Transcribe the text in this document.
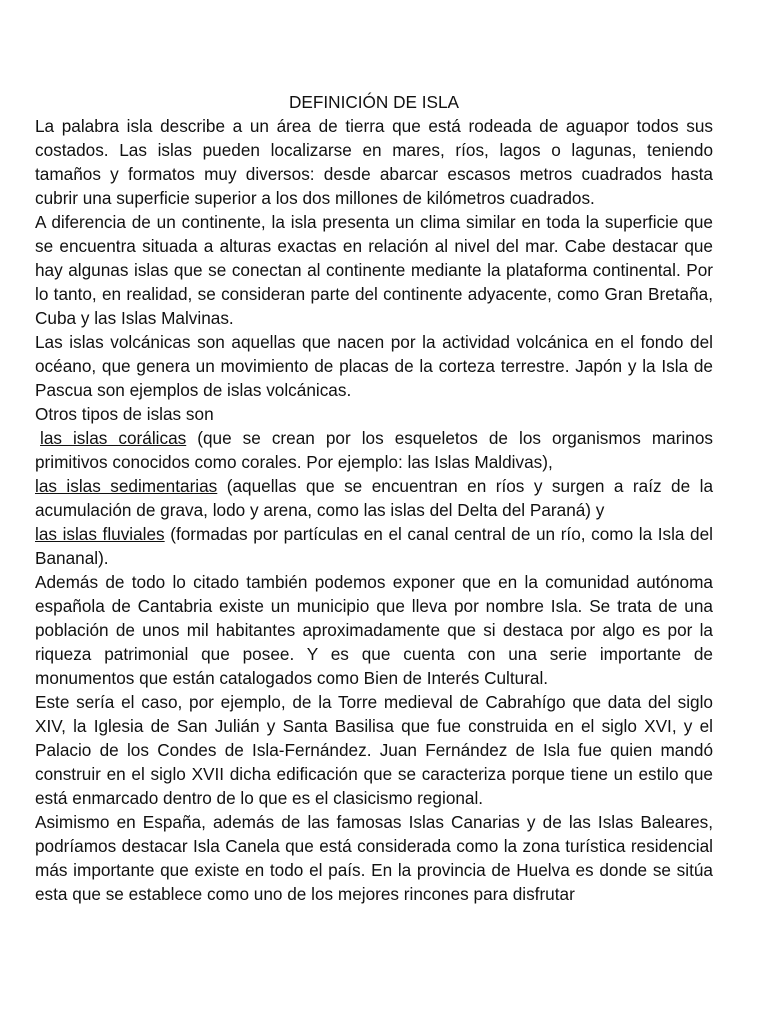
DEFINICIÓN DE ISLA

La palabra isla describe a un área de tierra que está rodeada de aguapor todos sus costados. Las islas pueden localizarse en mares, ríos, lagos o lagunas, teniendo tamaños y formatos muy diversos: desde abarcar escasos metros cuadrados hasta cubrir una superficie superior a los dos millones de kilómetros cuadrados.

A diferencia de un continente, la isla presenta un clima similar en toda la superficie que se encuentra situada a alturas exactas en relación al nivel del mar. Cabe destacar que hay algunas islas que se conectan al continente mediante la plataforma continental. Por lo tanto, en realidad, se consideran parte del continente adyacente, como Gran Bretaña, Cuba y las Islas Malvinas.

Las islas volcánicas son aquellas que nacen por la actividad volcánica en el fondo del océano, que genera un movimiento de placas de la corteza terrestre. Japón y la Isla de Pascua son ejemplos de islas volcánicas.

Otros tipos de islas son

las islas corálicas (que se crean por los esqueletos de los organismos marinos primitivos conocidos como corales. Por ejemplo: las Islas Maldivas),

las islas sedimentarias (aquellas que se encuentran en ríos y surgen a raíz de la acumulación de grava, lodo y arena, como las islas del Delta del Paraná) y

las islas fluviales (formadas por partículas en el canal central de un río, como la Isla del Bananal).

Además de todo lo citado también podemos exponer que en la comunidad autónoma española de Cantabria existe un municipio que lleva por nombre Isla. Se trata de una población de unos mil habitantes aproximadamente que si destaca por algo es por la riqueza patrimonial que posee. Y es que cuenta con una serie importante de monumentos que están catalogados como Bien de Interés Cultural.

Este sería el caso, por ejemplo, de la Torre medieval de Cabrahígo que data del siglo XIV, la Iglesia de San Julián y Santa Basilisa que fue construida en el siglo XVI, y el Palacio de los Condes de Isla-Fernández. Juan Fernández de Isla fue quien mandó construir en el siglo XVII dicha edificación que se caracteriza porque tiene un estilo que está enmarcado dentro de lo que es el clasicismo regional.

Asimismo en España, además de las famosas Islas Canarias y de las Islas Baleares, podríamos destacar Isla Canela que está considerada como la zona turística residencial más importante que existe en todo el país. En la provincia de Huelva es donde se sitúa esta que se establece como uno de los mejores rincones para disfrutar
